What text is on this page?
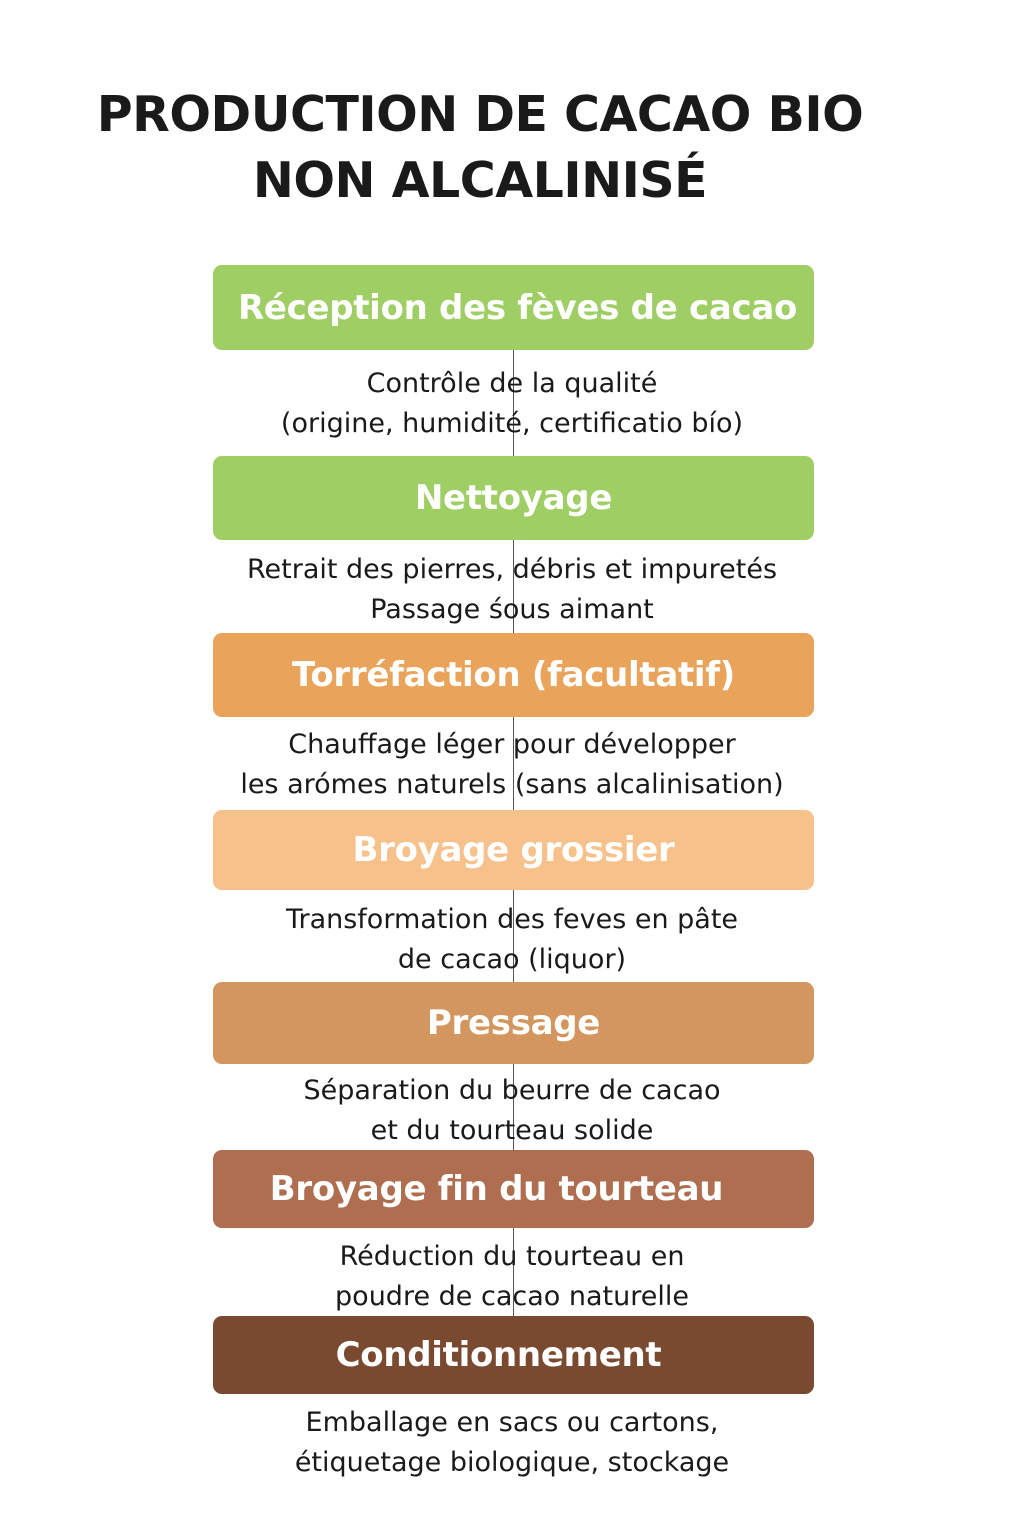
PRODUCTION DE CACAO BIO
NON ALCALINISÉ
Réception des fèves de cacao
Contrôle de la qualité
(origine, humidité, certificatio bío)
Nettoyage
Retrait des pierres, débris et impuretés
Passage śous aimant
Torréfaction (facultatif)
Chauffage léger pour développer
les arómes naturels (sans alcalinisation)
Broyage grossier
Transformation des feves en pâte
de cacao (liquor)
Pressage
Séparation du beurre de cacao
et du tourteau solide
Broyage fin du tourteau
Réduction du tourteau en
poudre de cacao naturelle
Conditionnement
Emballage en sacs ou cartons,
étiquetage biologique, stockage
